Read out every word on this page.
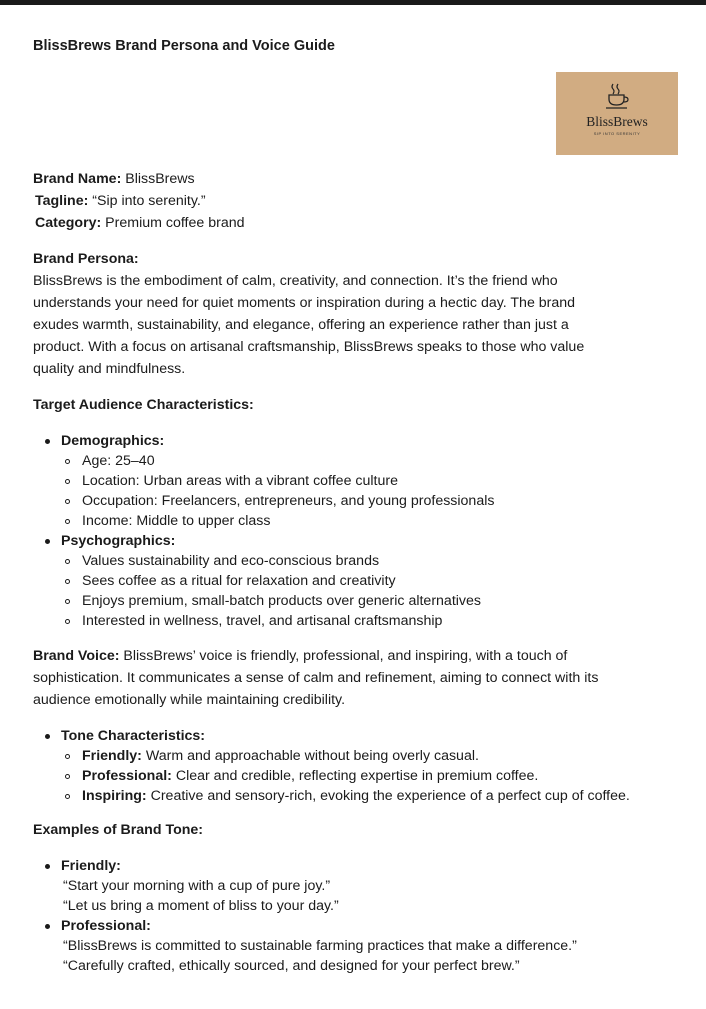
BlissBrews Brand Persona and Voice Guide
BlissBrews
SIP INTO SERENITY
Brand Name: BlissBrews
Tagline: “Sip into serenity.”
Category: Premium coffee brand
Brand Persona:
BlissBrews is the embodiment of calm, creativity, and connection. It’s the friend who
understands your need for quiet moments or inspiration during a hectic day. The brand
exudes warmth, sustainability, and elegance, offering an experience rather than just a
product. With a focus on artisanal craftsmanship, BlissBrews speaks to those who value
quality and mindfulness.
Target Audience Characteristics:
Demographics:
Age: 25–40
Location: Urban areas with a vibrant coffee culture
Occupation: Freelancers, entrepreneurs, and young professionals
Income: Middle to upper class
Psychographics:
Values sustainability and eco-conscious brands
Sees coffee as a ritual for relaxation and creativity
Enjoys premium, small-batch products over generic alternatives
Interested in wellness, travel, and artisanal craftsmanship
Brand Voice: BlissBrews’ voice is friendly, professional, and inspiring, with a touch of
sophistication. It communicates a sense of calm and refinement, aiming to connect with its
audience emotionally while maintaining credibility.
Tone Characteristics:
Friendly: Warm and approachable without being overly casual.
Professional: Clear and credible, reflecting expertise in premium coffee.
Inspiring: Creative and sensory-rich, evoking the experience of a perfect cup of coffee.
Examples of Brand Tone:
Friendly:
“Start your morning with a cup of pure joy.”
“Let us bring a moment of bliss to your day.”
Professional:
“BlissBrews is committed to sustainable farming practices that make a difference.”
“Carefully crafted, ethically sourced, and designed for your perfect brew.”
